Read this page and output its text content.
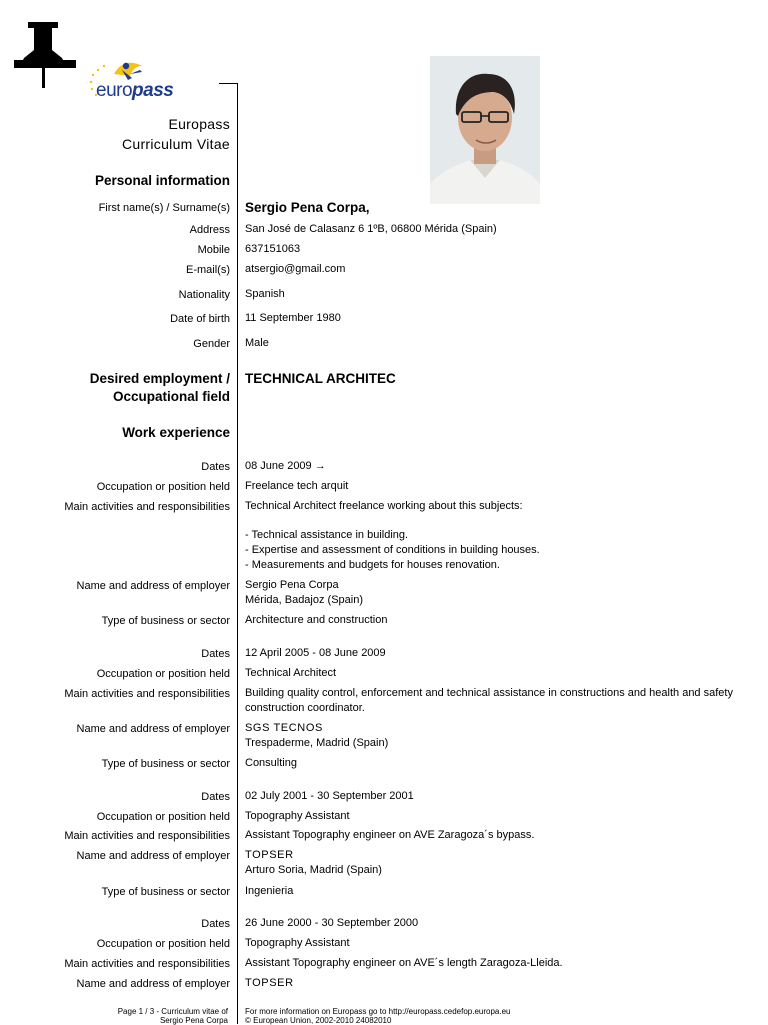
europass
Europass
Curriculum Vitae
Personal information
First name(s) / Surname(s) Sergio Pena Corpa,
Address San José de Calasanz 6 1ºB, 06800 Mérida (Spain)
Mobile 637151063
E-mail(s) atsergio@gmail.com
Nationality Spanish
Date of birth 11 September 1980
Gender Male
Desired employment /
Occupational field
TECHNICAL ARCHITEC
Work experience
Dates 08 June 2009 →
Occupation or position held Freelance tech arquit
Main activities and responsibilities Technical Architect freelance working about this subjects:
- Technical assistance in building.
- Expertise and assessment of conditions in building houses.
- Measurements and budgets for houses renovation.
Name and address of employer Sergio Pena Corpa
Mérida, Badajoz (Spain)
Type of business or sector Architecture and construction
Dates 12 April 2005 - 08 June 2009
Occupation or position held Technical Architect
Main activities and responsibilities Building quality control, enforcement and technical assistance in constructions and health and safety
construction coordinator.
Name and address of employer SGS TECNOS
Trespaderme, Madrid (Spain)
Type of business or sector Consulting
Dates 02 July 2001 - 30 September 2001
Occupation or position held Topography Assistant
Main activities and responsibilities Assistant Topography engineer on AVE Zaragoza´s bypass.
Name and address of employer TOPSER
Arturo Soria, Madrid (Spain)
Type of business or sector Ingenieria
Dates 26 June 2000 - 30 September 2000
Occupation or position held Topography Assistant
Main activities and responsibilities Assistant Topography engineer on AVE´s length Zaragoza-Lleida.
Name and address of employer TOPSER
Page 1 / 3 - Curriculum vitae of
Sergio Pena Corpa
For more information on Europass go to http://europass.cedefop.europa.eu
© European Union, 2002-2010 24082010
